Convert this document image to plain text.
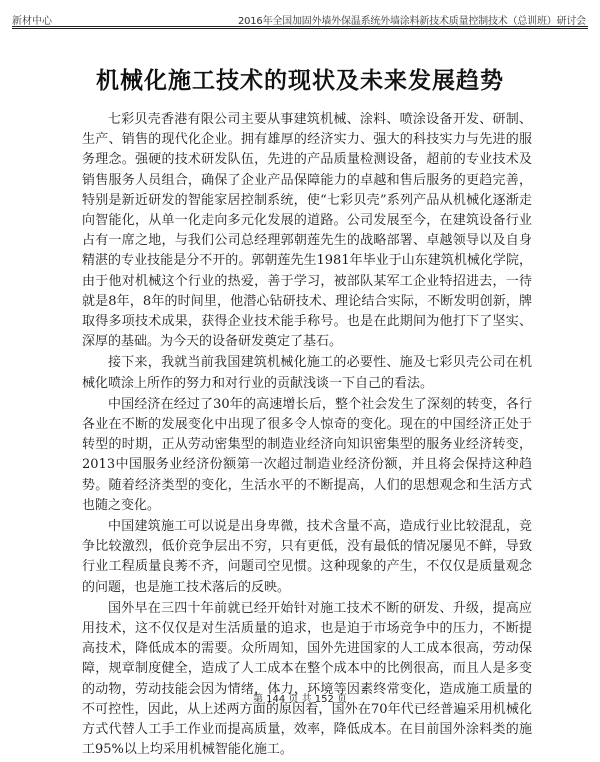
新材中心	2016年全国加固外墙外保温系统外墙涂料新技术质量控制技术（总训班）研讨会
机械化施工技术的现状及未来发展趋势

七彩贝壳香港有限公司主要从事建筑机械、涂料、喷涂设备开发、研制、生产、销售的现代化企业。拥有雄厚的经济实力、强大的科技实力与先进的服务理念。强硬的技术研发队伍，先进的产品质量检测设备，超前的专业技术及销售服务人员组合，确保了企业产品保障能力的卓越和售后服务的更趋完善，特别是新近研发的智能家居控制系统，使“七彩贝壳”系列产品从机械化逐渐走向智能化，从单一化走向多元化发展的道路。公司发展至今，在建筑设备行业占有一席之地，与我们公司总经理郭朝莲先生的战略部署、卓越领导以及自身精湛的专业技能是分不开的。郭朝莲先生1981年毕业于山东建筑机械化学院，由于他对机械这个行业的热爱，善于学习，被部队某军工企业特招进去，一待就是8年，8年的时间里，他潜心钻研技术、理论结合实际，不断发明创新，牌取得多项技术成果，获得企业技术能手称号。也是在此期间为他打下了坚实、深厚的基础。为今天的设备研发奠定了基石。

接下来，我就当前我国建筑机械化施工的必要性、施及七彩贝壳公司在机械化喷涂上所作的努力和对行业的贡献浅谈一下自己的看法。

中国经济在经过了30年的高速增长后，整个社会发生了深刻的转变，各行各业在不断的发展变化中出现了很多令人惊奇的变化。现在的中国经济正处于转型的时期，正从劳动密集型的制造业经济向知识密集型的服务业经济转变，2013中国服务业经济份额第一次超过制造业经济份额，并且将会保持这种趋势。随着经济类型的变化，生活水平的不断提高，人们的思想观念和生活方式也随之变化。

中国建筑施工可以说是出身卑微，技术含量不高，造成行业比较混乱，竞争比较激烈，低价竞争层出不穷，只有更低，没有最低的情况屡见不鲜，导致行业工程质量良莠不齐，问题司空见惯。这种现象的产生，不仅仅是质量观念的问题，也是施工技术落后的反映。

国外早在三四十年前就已经开始针对施工技术不断的研发、升级，提高应用技术，这不仅仅是对生活质量的追求，也是迫于市场竞争中的压力，不断提高技术，降低成本的需要。众所周知，国外先进国家的人工成本很高，劳动保障，规章制度健全，造成了人工成本在整个成本中的比例很高，而且人是多变的动物，劳动技能会因为情绪，体力，环境等因素终常变化，造成施工质量的不可控性，因此，从上述两方面的原因看，国外在70年代已经普遍采用机械化方式代替人工手工作业而提高质量，效率，降低成本。在目前国外涂料类的施工95%以上均采用机械智能化施工。

第 144 页 共 152 页
